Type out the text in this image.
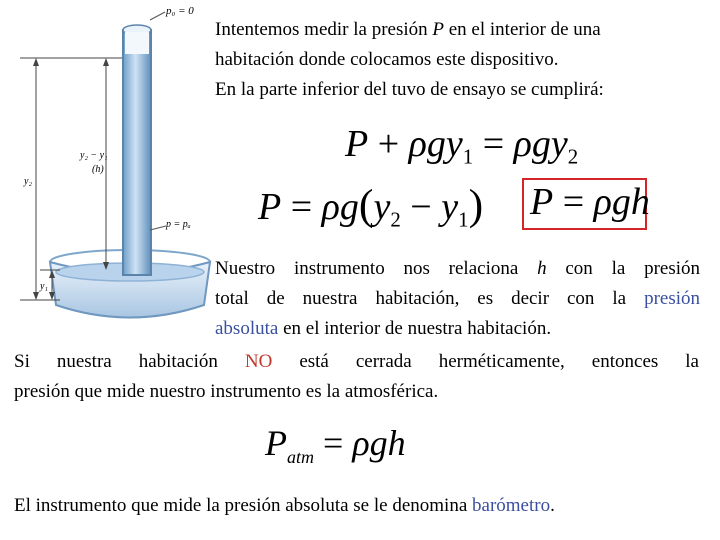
p₀ = 0
y₂ − y₁
(h)
y₂
p = pₐ
y₁
Intentemos medir la presión P en el interior de una
habitación donde colocamos este dispositivo.
En la parte inferior del tuvo de ensayo se cumplirá:
P + ρgy$_1$ = ρgy$_2$
$P = \rho g(y_2 - y_1) P = \rho gh$
Nuestro instrumento nos relaciona h con la presión
total de nuestra habitación, es decir con la presión
absoluta en el interior de nuestra habitación.
Si nuestra habitación NO está cerrada herméticamente, entonces la
presión que mide nuestro instrumento es la atmosférica.
$P_{atm} = \rho gh$
El instrumento que mide la presión absoluta se le denomina barómetro.
